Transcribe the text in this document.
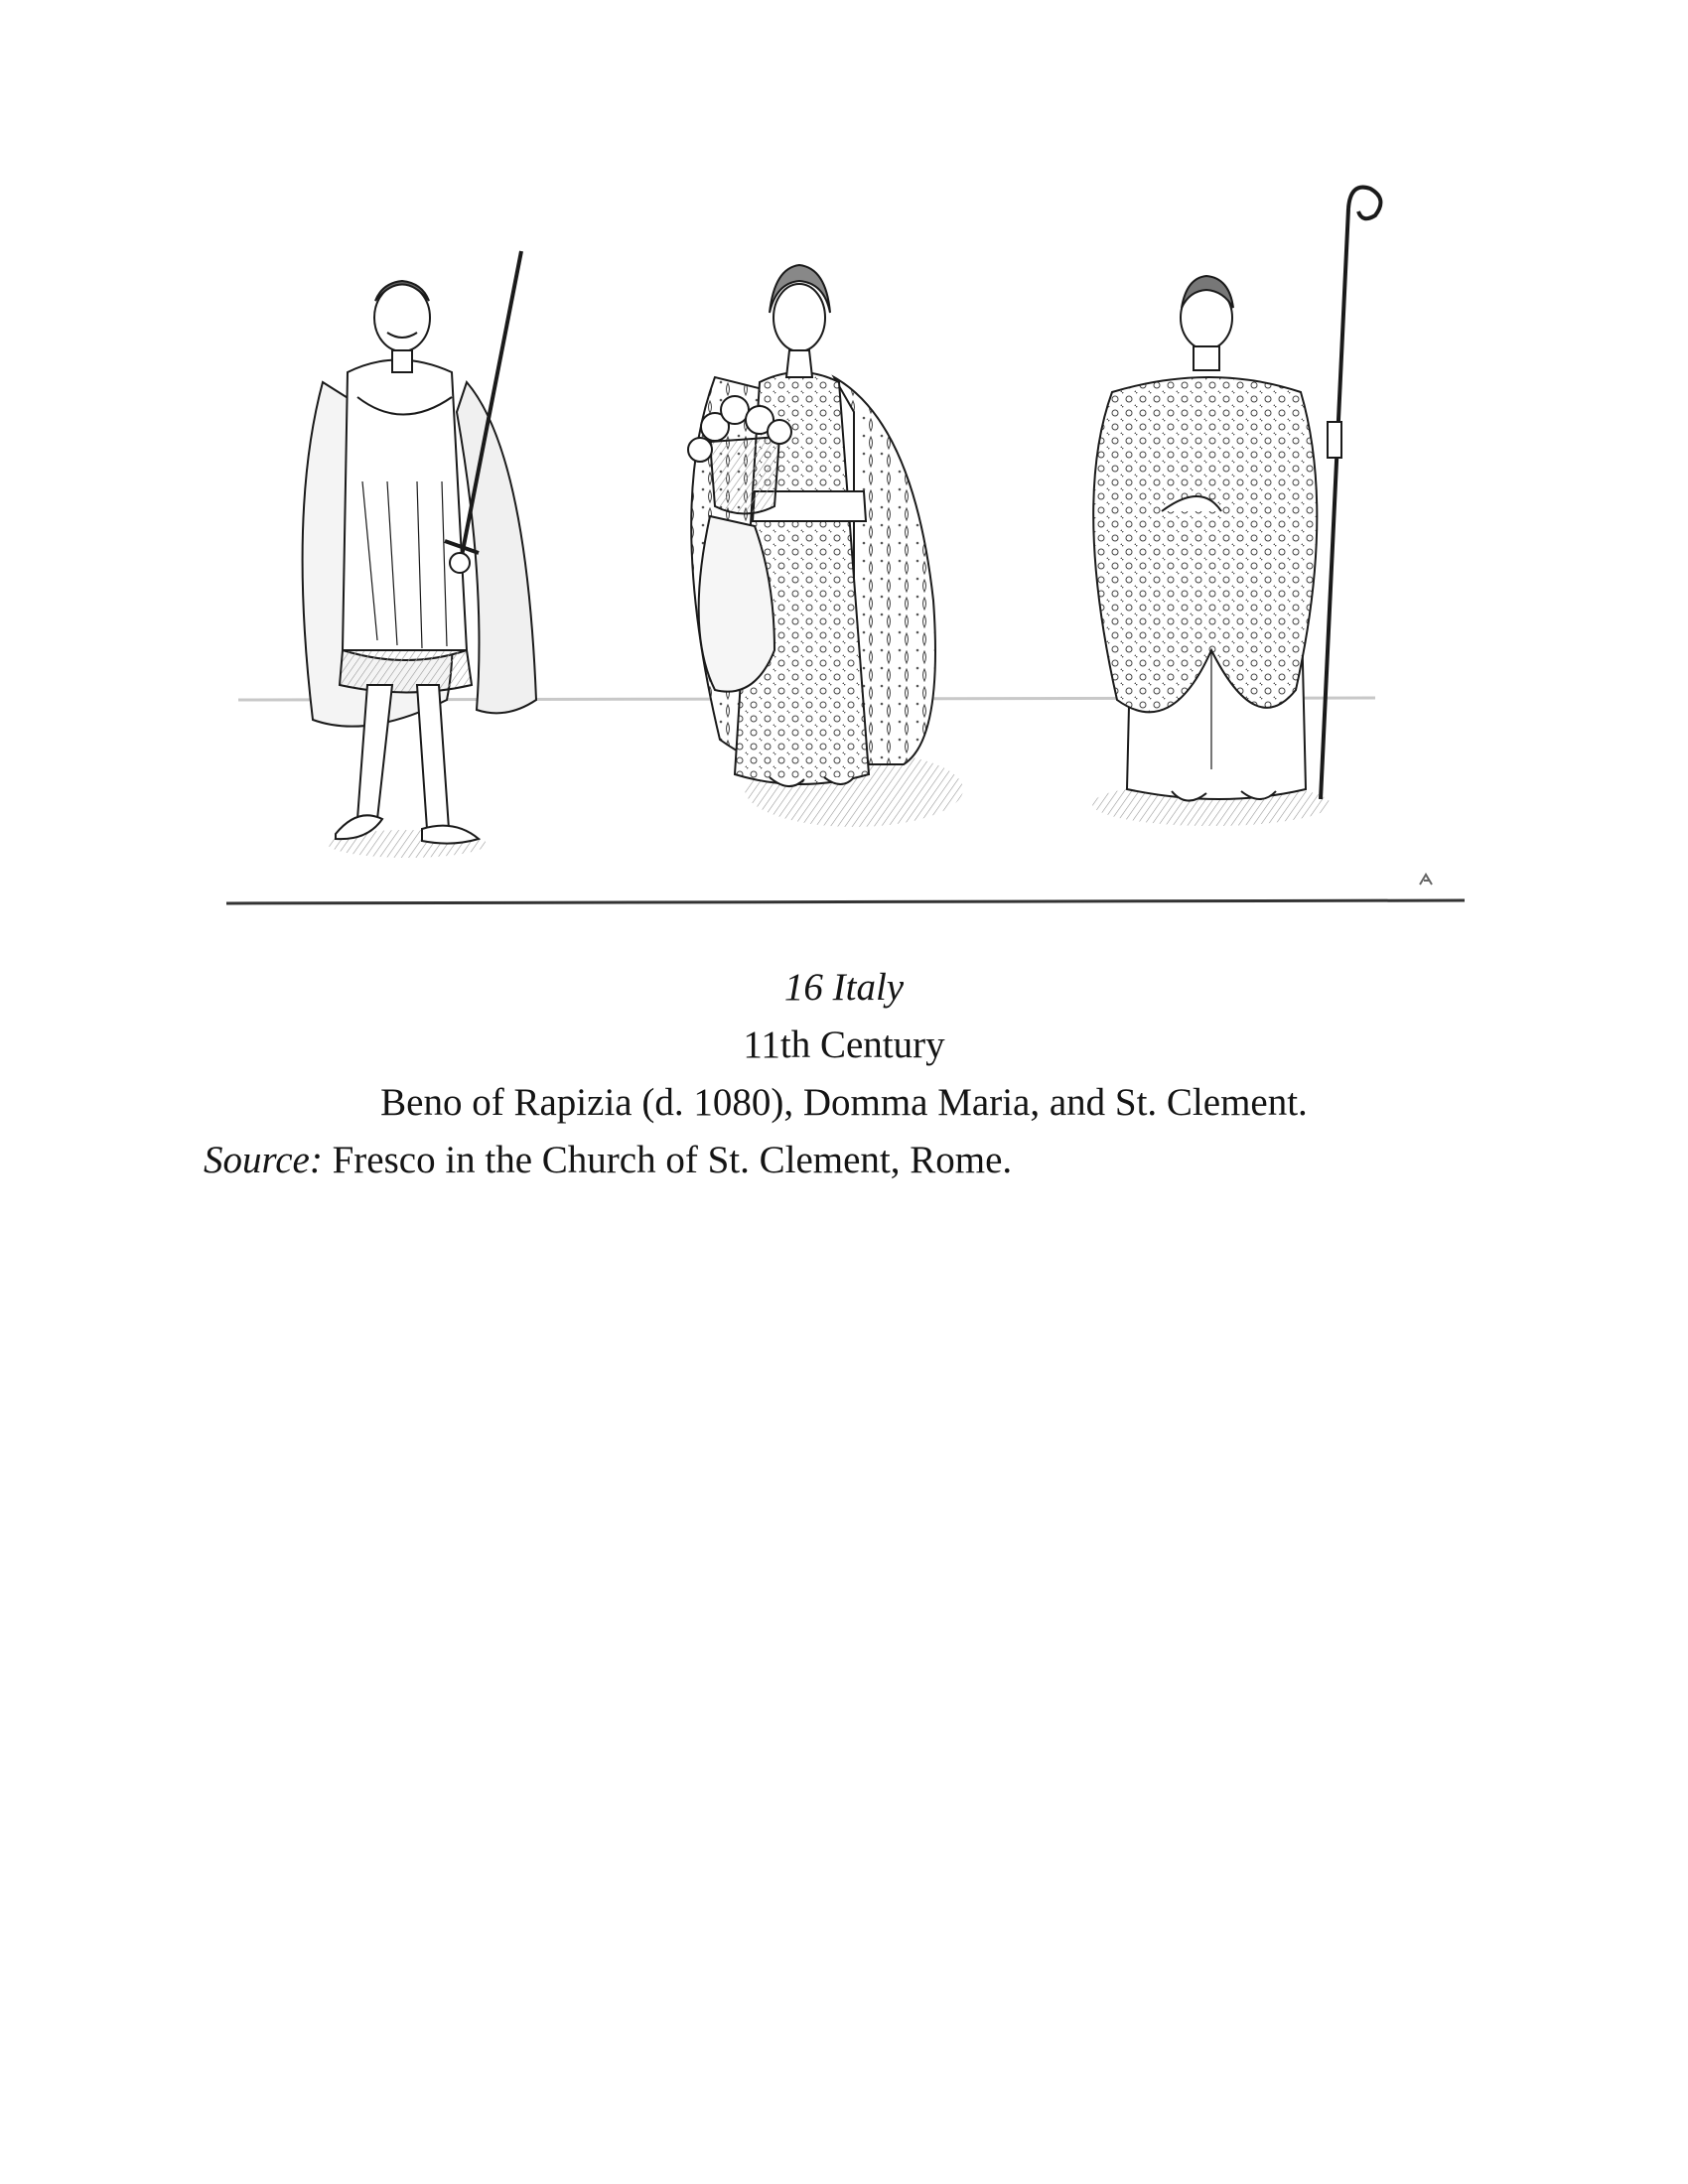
16 Italy
11th Century
Beno of Rapizia (d. 1080), Domma Maria, and St. Clement.
Source: Fresco in the Church of St. Clement, Rome.
